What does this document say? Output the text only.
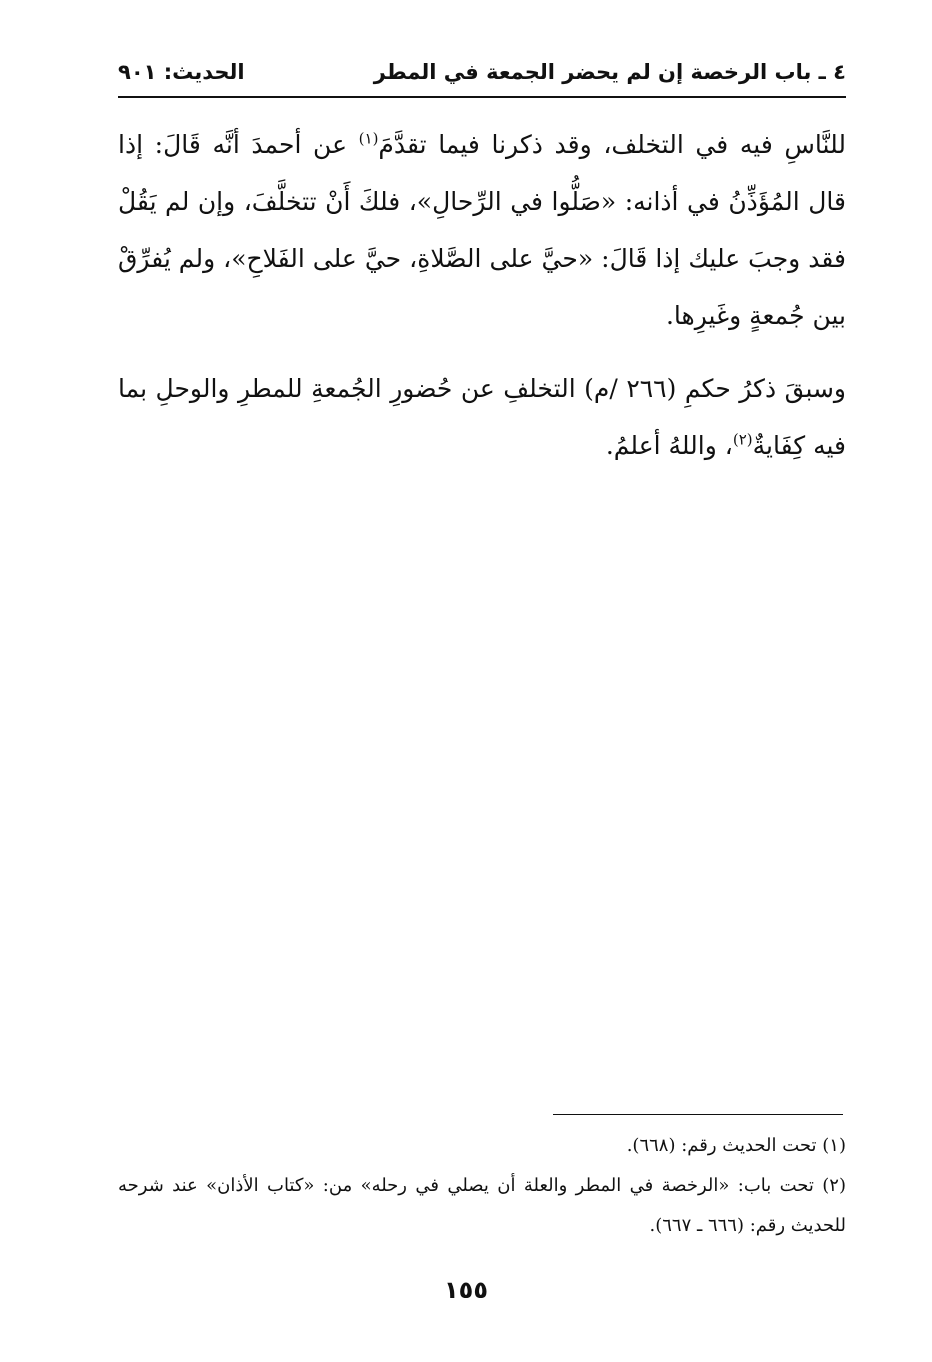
٤ ـ باب الرخصة إن لم يحضر الجمعة في المطر
الحديث: ٩٠١

للنَّاسِ فيه في التخلف، وقد ذكرنا فيما تقدَّمَ$^{(١)}$ عن أحمدَ أنَّه قَالَ: إذا قال المُؤَذِّنُ في أذانه: «صَلُّوا في الرِّحالِ»، فلكَ أَنْ تتخلَّفَ، وإن لم يَقُلْ فقد وجبَ عليك إذا قَالَ: «حيَّ على الصَّلاةِ، حيَّ على الفَلاحِ»، ولم يُفرِّقْ بين جُمعةٍ وغَيرِها.

وسبقَ ذكرُ حكمِ (٢٦٦ /م) التخلفِ عن حُضورِ الجُمعةِ للمطرِ والوحلِ بما فيه كِفَايةٌ$^{(٢)}$، واللهُ أعلمُ.

(١) تحت الحديث رقم: (٦٦٨).

(٢) تحت باب: «الرخصة في المطر والعلة أن يصلي في رحله» من: «كتاب الأذان» عند شرحه للحديث رقم: (٦٦٦ ـ ٦٦٧).

١٥٥
